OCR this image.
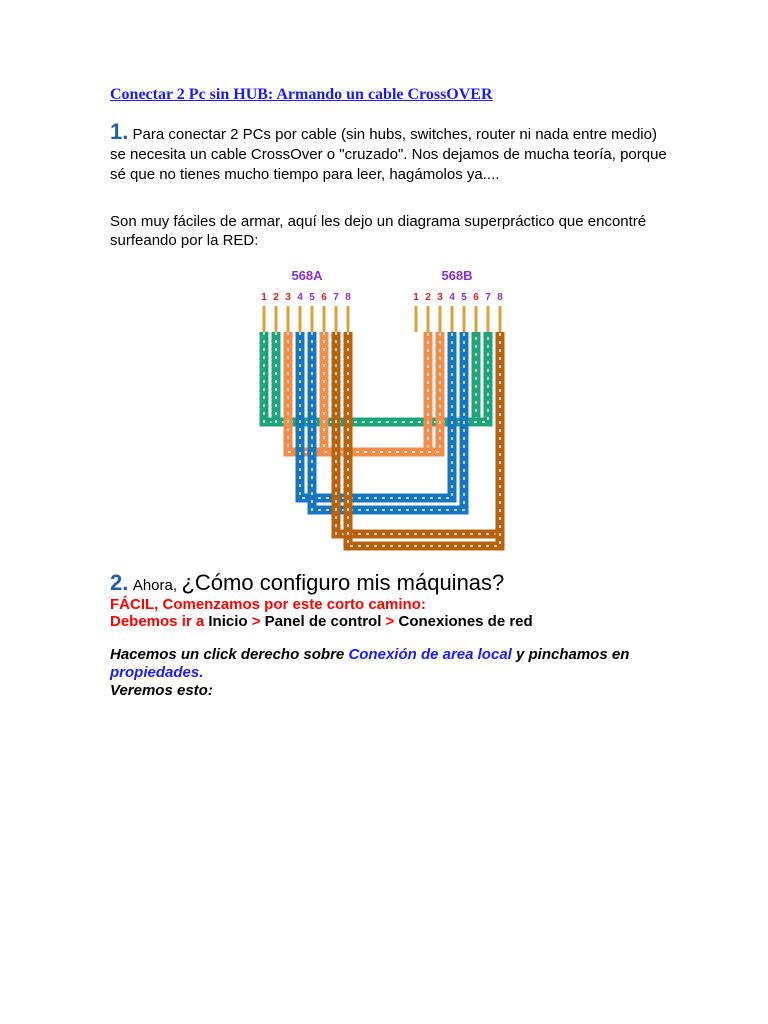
Conectar 2 Pc sin HUB: Armando un cable CrossOVER
1. Para conectar 2 PCs por cable (sin hubs, switches, router ni nada entre medio) se necesita un cable CrossOver o "cruzado". Nos dejamos de mucha teoría, porque sé que no tienes mucho tiempo para leer, hagámolos ya....
Son muy fáciles de armar, aquí les dejo un diagrama superpráctico que encontré surfeando por la RED:
568A	568B
1 2 3 4 5 6 7 8	1 2 3 4 5 6 7 8
2. Ahora, ¿Cómo configuro mis máquinas?
FÁCIL, Comenzamos por este corto camino:
Debemos ir a Inicio > Panel de control > Conexiones de red
Hacemos un click derecho sobre Conexión de area local y pinchamos en
propiedades.
Veremos esto:
